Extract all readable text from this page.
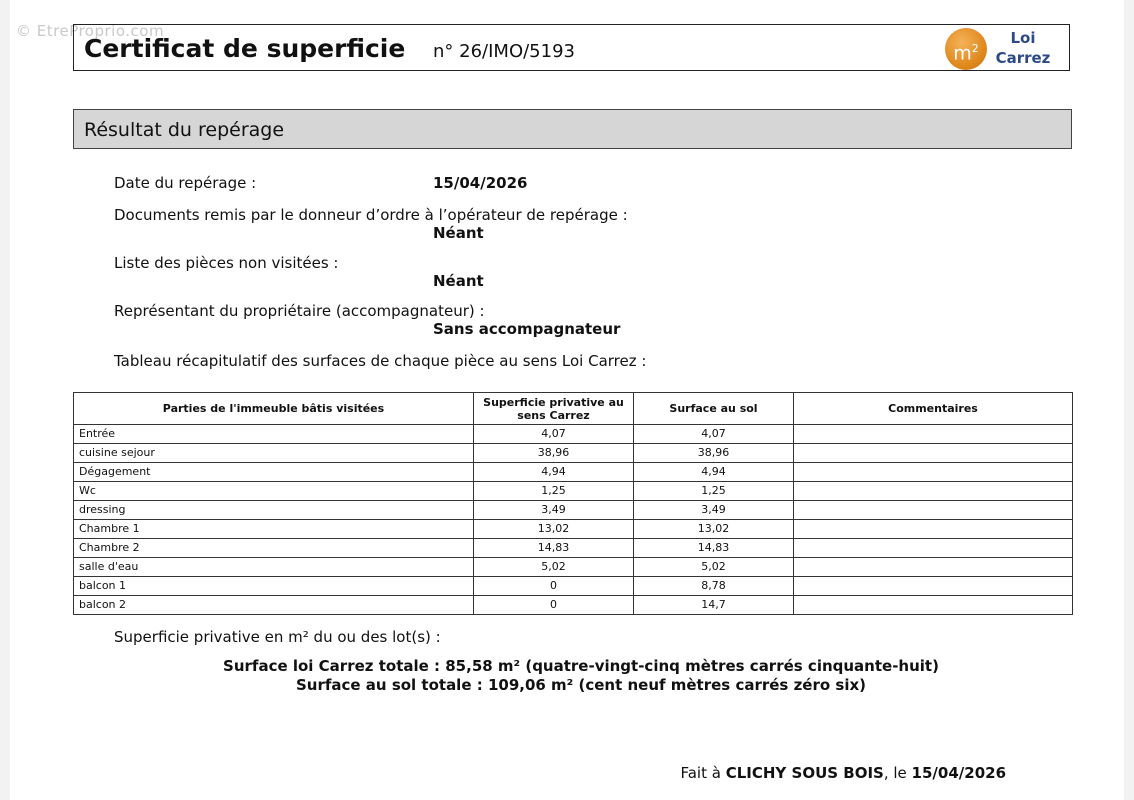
© EtreProprio.com
Certificat de superficie n° 26/IMO/5193	$m^2$
Loi
Carrez
Résultat du repérage
Date du repérage :	15/04/2026
Documents remis par le donneur d’ordre à l’opérateur de repérage :
Néant
Liste des pièces non visitées :
Néant
Représentant du propriétaire (accompagnateur) :
Sans accompagnateur
Tableau récapitulatif des surfaces de chaque pièce au sens Loi Carrez :
Parties de l'immeuble bâtis visitées	Superficie privative au sens Carrez	Surface au sol	Commentaires
Entrée	4,07	4,07	
cuisine sejour	38,96	38,96	
Dégagement	4,94	4,94	
Wc	1,25	1,25	
dressing	3,49	3,49	
Chambre 1	13,02	13,02	
Chambre 2	14,83	14,83	
salle d'eau	5,02	5,02	
balcon 1	0	8,78	
balcon 2	0	14,7	
Superficie privative en m² du ou des lot(s) :
Surface loi Carrez totale : 85,58 m² (quatre-vingt-cinq mètres carrés cinquante-huit)
Surface au sol totale : 109,06 m² (cent neuf mètres carrés zéro six)
Fait à CLICHY SOUS BOIS, le 15/04/2026
